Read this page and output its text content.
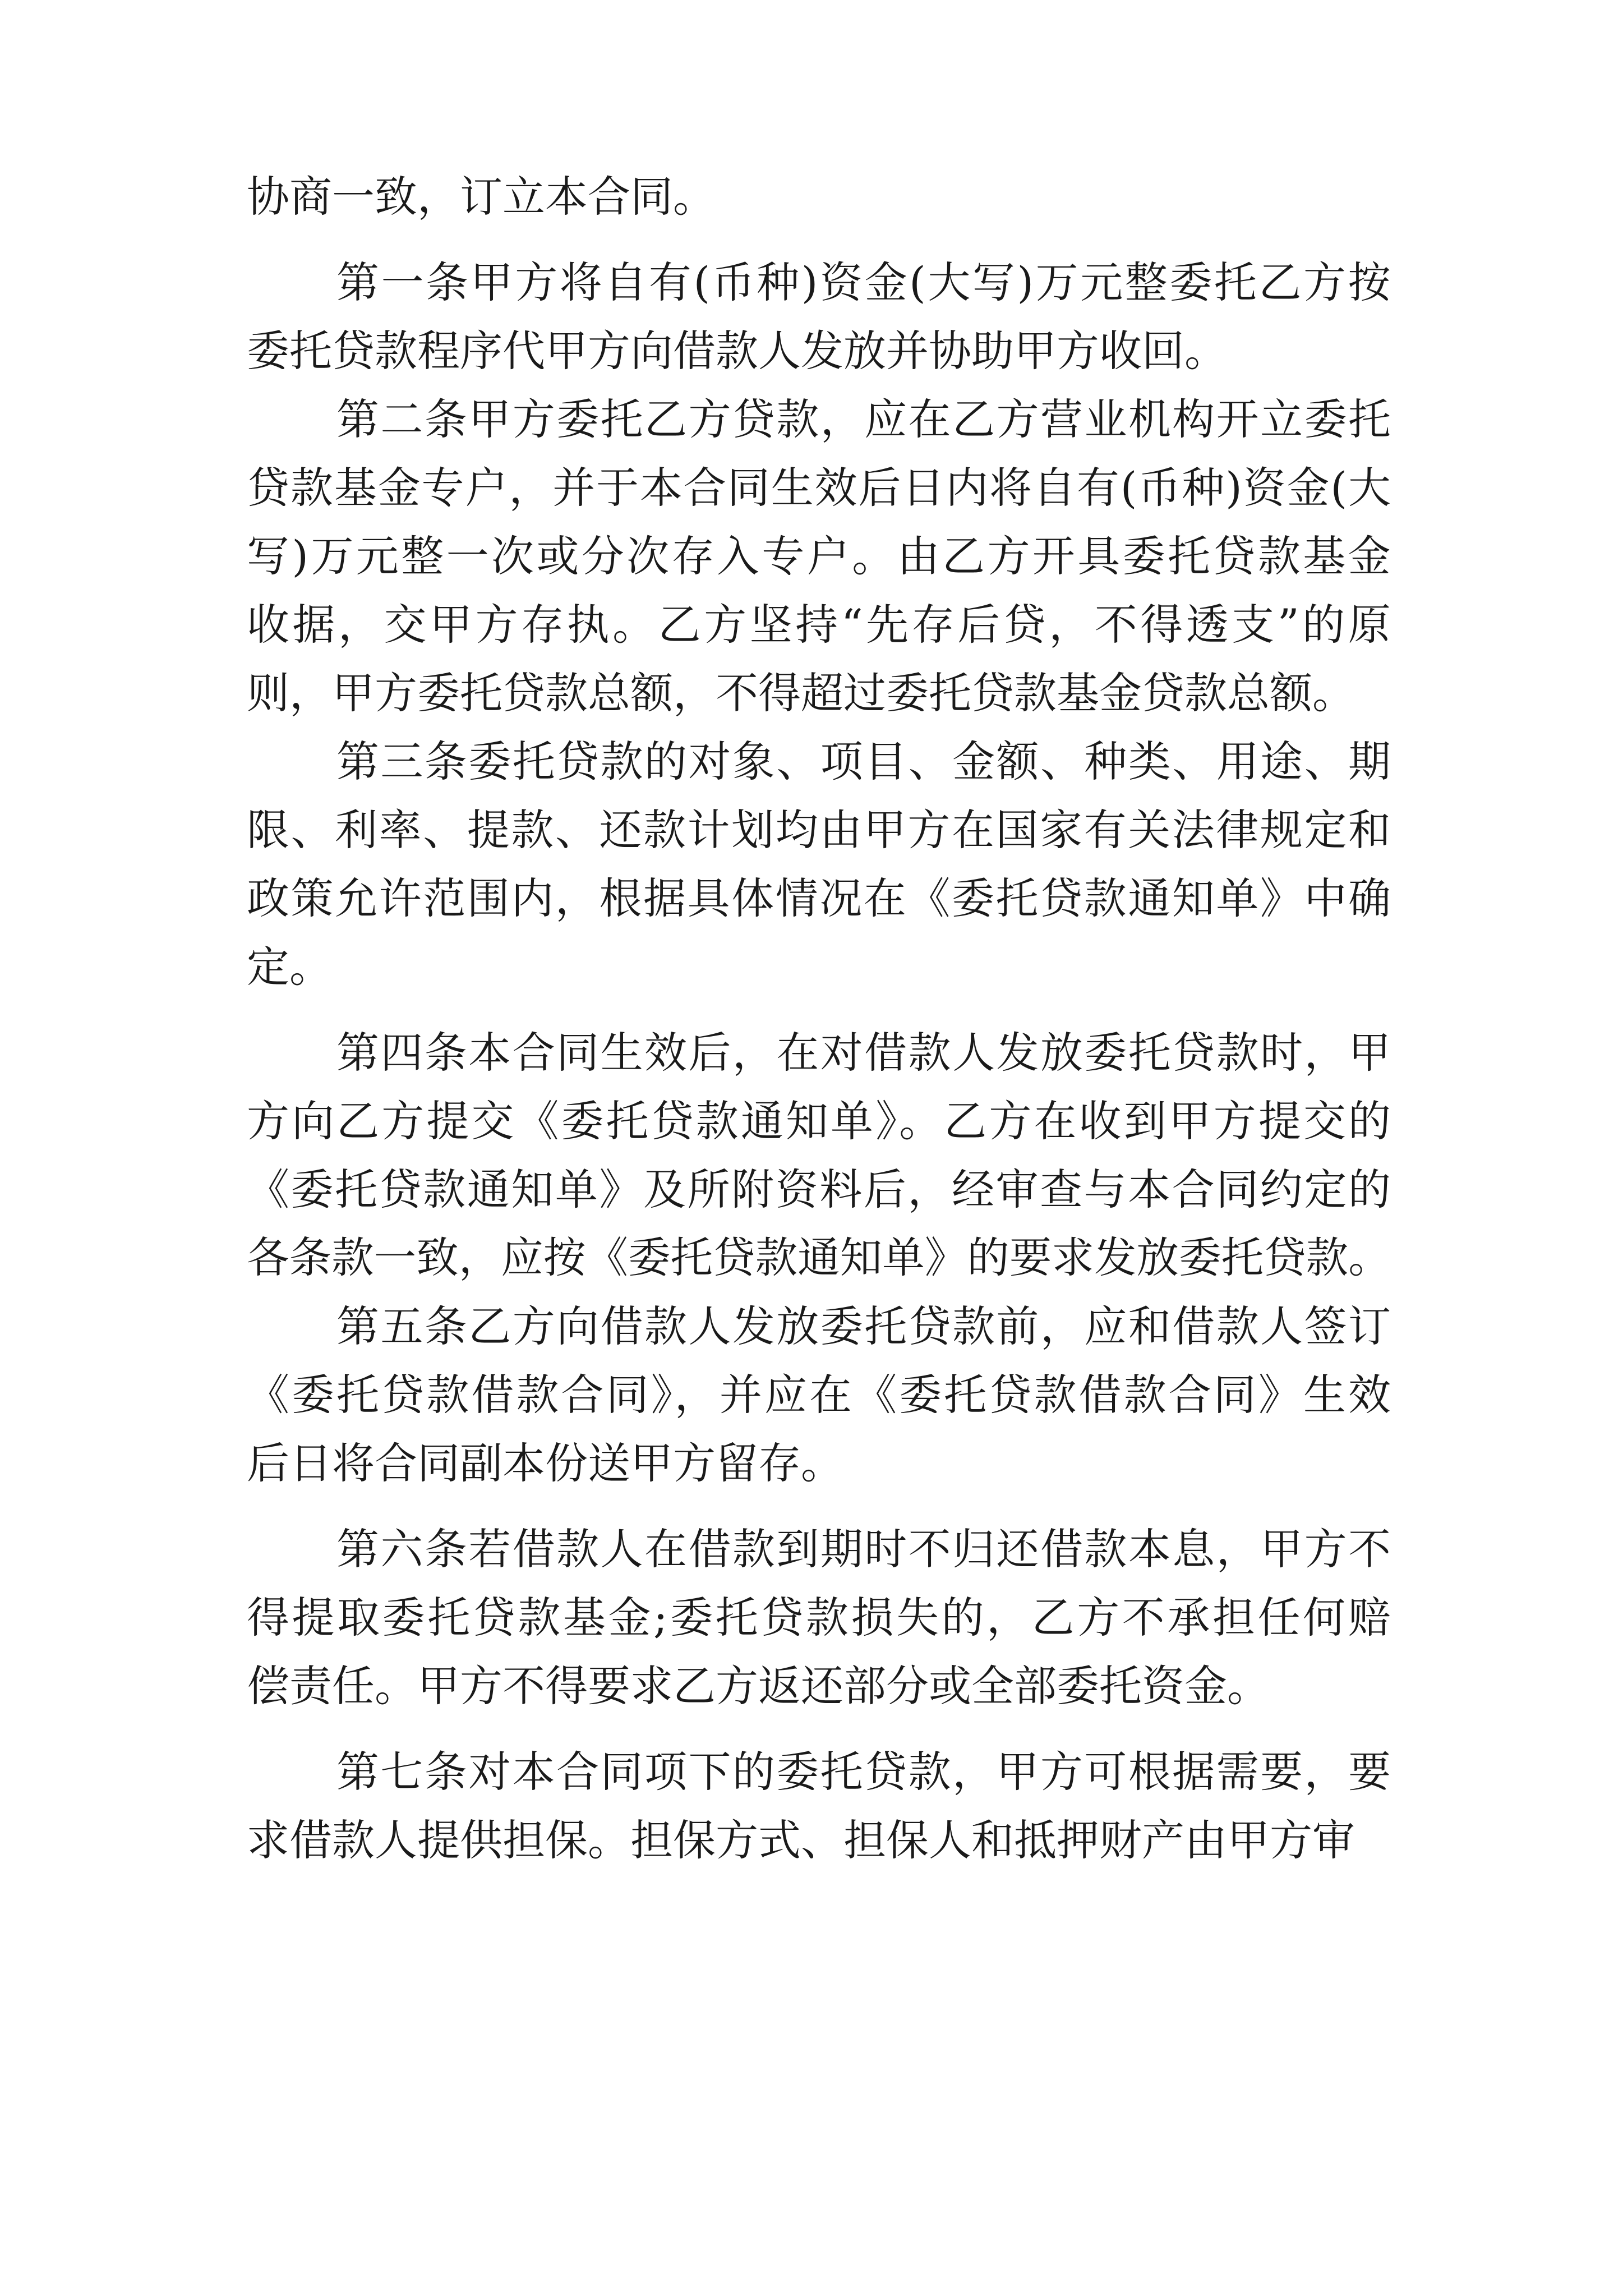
协商一致，订立本合同。

第一条甲方将自有(币种)资金(大写)万元整委托乙方按

委托贷款程序代甲方向借款人发放并协助甲方收回。

第二条甲方委托乙方贷款，应在乙方营业机构开立委托

贷款基金专户，并于本合同生效后日内将自有(币种)资金(大

写)万元整一次或分次存入专户。由乙方开具委托贷款基金

收据，交甲方存执。乙方坚持“先存后贷，不得透支”的原

则，甲方委托贷款总额，不得超过委托贷款基金贷款总额。

第三条委托贷款的对象、项目、金额、种类、用途、期

限、利率、提款、还款计划均由甲方在国家有关法律规定和

政策允许范围内，根据具体情况在《委托贷款通知单》中确

定。

第四条本合同生效后，在对借款人发放委托贷款时，甲

方向乙方提交《委托贷款通知单》。乙方在收到甲方提交的

《委托贷款通知单》及所附资料后，经审查与本合同约定的

各条款一致，应按《委托贷款通知单》的要求发放委托贷款。

第五条乙方向借款人发放委托贷款前，应和借款人签订

《委托贷款借款合同》，并应在《委托贷款借款合同》生效

后日将合同副本份送甲方留存。

第六条若借款人在借款到期时不归还借款本息，甲方不

得提取委托贷款基金;委托贷款损失的，乙方不承担任何赔

偿责任。甲方不得要求乙方返还部分或全部委托资金。

第七条对本合同项下的委托贷款，甲方可根据需要，要

求借款人提供担保。担保方式、担保人和抵押财产由甲方审
